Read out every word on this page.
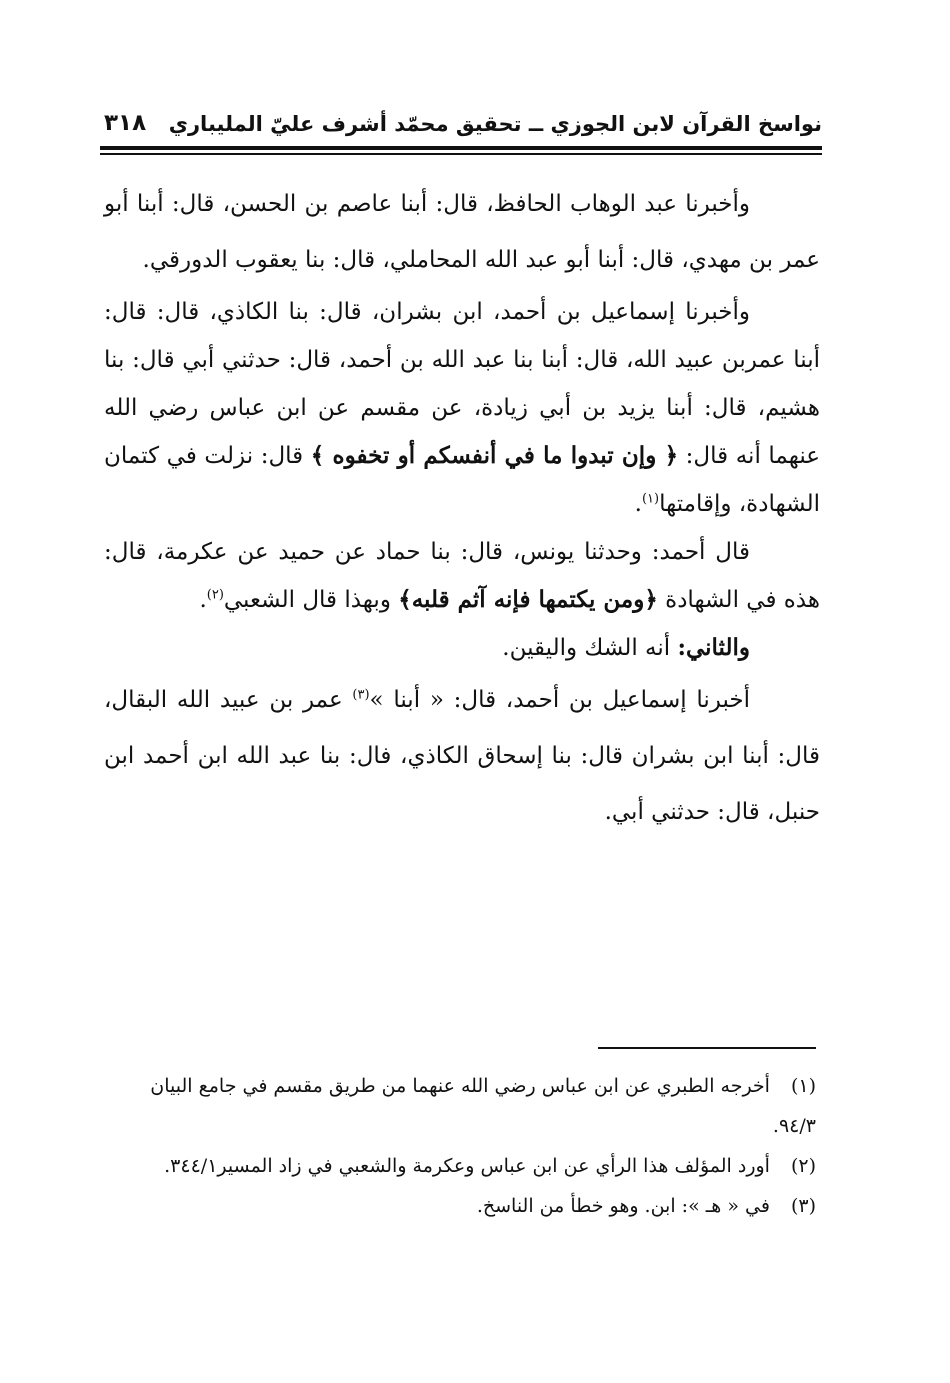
نواسخ القرآن لابن الجوزي ــ تحقيق محمّد أشرف عليّ المليباري
٣١٨

وأخبرنا عبد الوهاب الحافظ، قال: أبنا عاصم بن الحسن، قال: أبنا أبو عمر بن مهدي، قال: أبنا أبو عبد الله المحاملي، قال: بنا يعقوب الدورقي.

وأخبرنا إسماعيل بن أحمد، ابن بشران، قال: بنا الكاذي، قال: قال: أبنا عمربن عبيد الله، قال: أبنا بنا عبد الله بن أحمد، قال: حدثني أبي قال: بنا هشيم، قال: أبنا يزيد بن أبي زيادة، عن مقسم عن ابن عباس رضي الله عنهما أنه قال: ﴿ وإن تبدوا ما في أنفسكم أو تخفوه ﴾ قال: نزلت في كتمان الشهادة، وإقامتها$^{(١)}$.

قال أحمد: وحدثنا يونس، قال: بنا حماد عن حميد عن عكرمة، قال: هذه في الشهادة ﴿ومن يكتمها فإنه آثم قلبه﴾ وبهذا قال الشعبي$^{(٢)}$.

والثاني: أنه الشك واليقين.

أخبرنا إسماعيل بن أحمد، قال: « أبنا »$^{(٣)}$ عمر بن عبيد الله البقال، قال: أبنا ابن بشران قال: بنا إسحاق الكاذي، فال: بنا عبد الله ابن أحمد ابن حنبل، قال: حدثني أبي.

(١) أخرجه الطبري عن ابن عباس رضي الله عنهما من طريق مقسم في جامع البيان ٩٤/٣.

(٢) أورد المؤلف هذا الرأي عن ابن عباس وعكرمة والشعبي في زاد المسير٣٤٤/١.

(٣) في « هـ »: ابن. وهو خطأ من الناسخ.
